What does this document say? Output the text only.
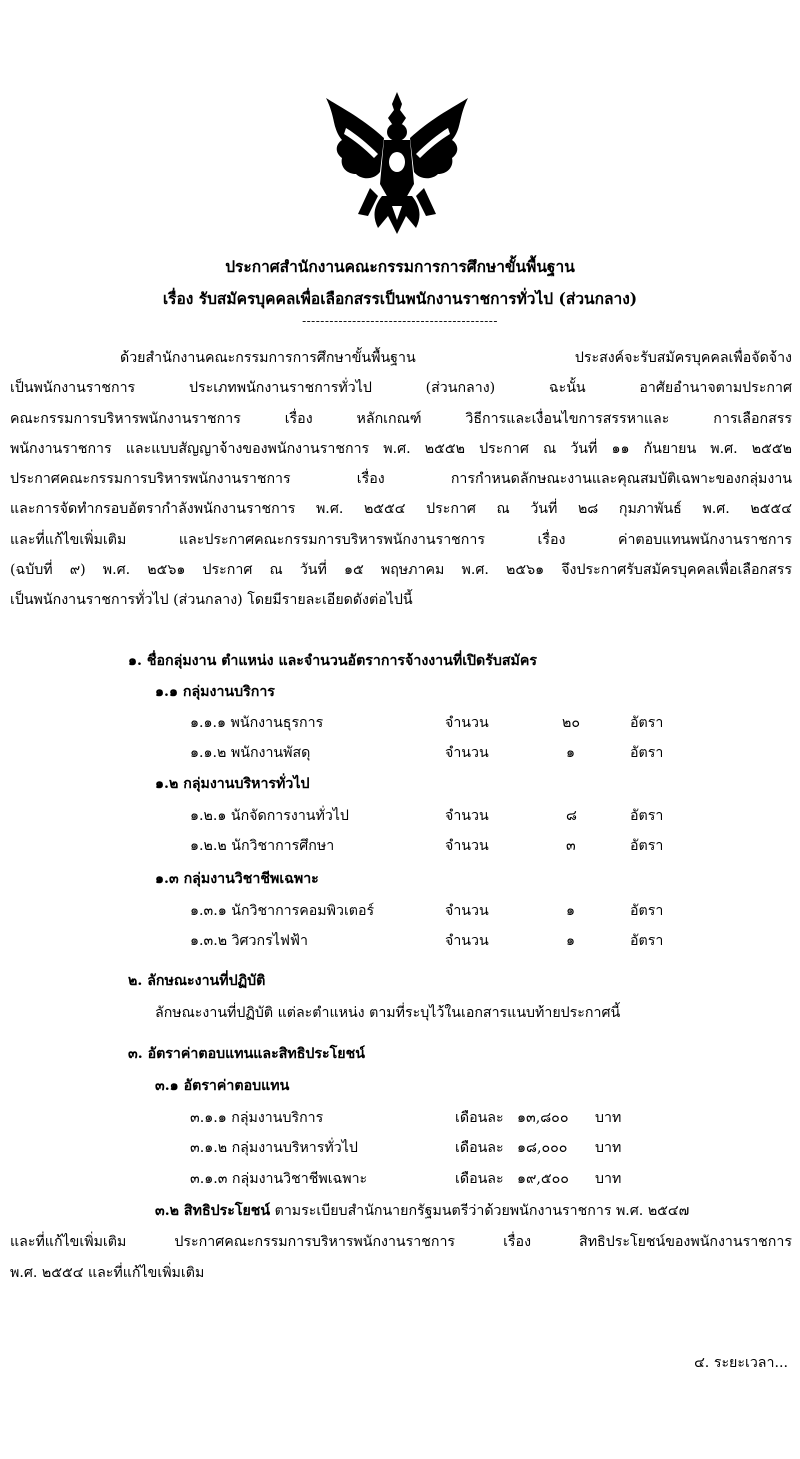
ประกาศสำนักงานคณะกรรมการการศึกษาขั้นพื้นฐาน
เรื่อง รับสมัครบุคคลเพื่อเลือกสรรเป็นพนักงานราชการทั่วไป (ส่วนกลาง)
-------------------------------------------
ด้วยสำนักงานคณะกรรมการการศึกษาขั้นพื้นฐาน ประสงค์จะรับสมัครบุคคลเพื่อจัดจ้าง
เป็นพนักงานราชการ ประเภทพนักงานราชการทั่วไป (ส่วนกลาง) ฉะนั้น อาศัยอำนาจตามประกาศ
คณะกรรมการบริหารพนักงานราชการ เรื่อง หลักเกณฑ์ วิธีการและเงื่อนไขการสรรหาและ การเลือกสรร
พนักงานราชการ และแบบสัญญาจ้างของพนักงานราชการ พ.ศ. ๒๕๕๒ ประกาศ ณ วันที่ ๑๑ กันยายน พ.ศ. ๒๕๕๒
ประกาศคณะกรรมการบริหารพนักงานราชการ เรื่อง การกำหนดลักษณะงานและคุณสมบัติเฉพาะของกลุ่มงาน
และการจัดทำกรอบอัตรากำลังพนักงานราชการ พ.ศ. ๒๕๕๔ ประกาศ ณ วันที่ ๒๘ กุมภาพันธ์ พ.ศ. ๒๕๕๔
และที่แก้ไขเพิ่มเติม และประกาศคณะกรรมการบริหารพนักงานราชการ เรื่อง ค่าตอบแทนพนักงานราชการ
(ฉบับที่ ๙) พ.ศ. ๒๕๖๑ ประกาศ ณ วันที่ ๑๕ พฤษภาคม พ.ศ. ๒๕๖๑ จึงประกาศรับสมัครบุคคลเพื่อเลือกสรร
เป็นพนักงานราชการทั่วไป (ส่วนกลาง) โดยมีรายละเอียดดังต่อไปนี้
๑. ชื่อกลุ่มงาน ตำแหน่ง และจำนวนอัตราการจ้างงานที่เปิดรับสมัคร
๑.๑ กลุ่มงานบริการ
๑.๑.๑ พนักงานธุรการ	จำนวน	๒๐	อัตรา
๑.๑.๒ พนักงานพัสดุ	จำนวน	๑	อัตรา
๑.๒ กลุ่มงานบริหารทั่วไป
๑.๒.๑ นักจัดการงานทั่วไป	จำนวน	๘	อัตรา
๑.๒.๒ นักวิชาการศึกษา	จำนวน	๓	อัตรา
๑.๓ กลุ่มงานวิชาชีพเฉพาะ
๑.๓.๑ นักวิชาการคอมพิวเตอร์	จำนวน	๑	อัตรา
๑.๓.๒ วิศวกรไฟฟ้า	จำนวน	๑	อัตรา
๒. ลักษณะงานที่ปฏิบัติ
ลักษณะงานที่ปฏิบัติ แต่ละตำแหน่ง ตามที่ระบุไว้ในเอกสารแนบท้ายประกาศนี้
๓. อัตราค่าตอบแทนและสิทธิประโยชน์
๓.๑ อัตราค่าตอบแทน
๓.๑.๑ กลุ่มงานบริการ	เดือนละ ๑๓,๘๐๐ บาท
๓.๑.๒ กลุ่มงานบริหารทั่วไป	เดือนละ ๑๘,๐๐๐ บาท
๓.๑.๓ กลุ่มงานวิชาชีพเฉพาะ	เดือนละ ๑๙,๕๐๐ บาท
๓.๒ สิทธิประโยชน์ ตามระเบียบสำนักนายกรัฐมนตรีว่าด้วยพนักงานราชการ พ.ศ. ๒๕๔๗
และที่แก้ไขเพิ่มเติม ประกาศคณะกรรมการบริหารพนักงานราชการ เรื่อง สิทธิประโยชน์ของพนักงานราชการ
พ.ศ. ๒๕๕๔ และที่แก้ไขเพิ่มเติม
๔. ระยะเวลา...
